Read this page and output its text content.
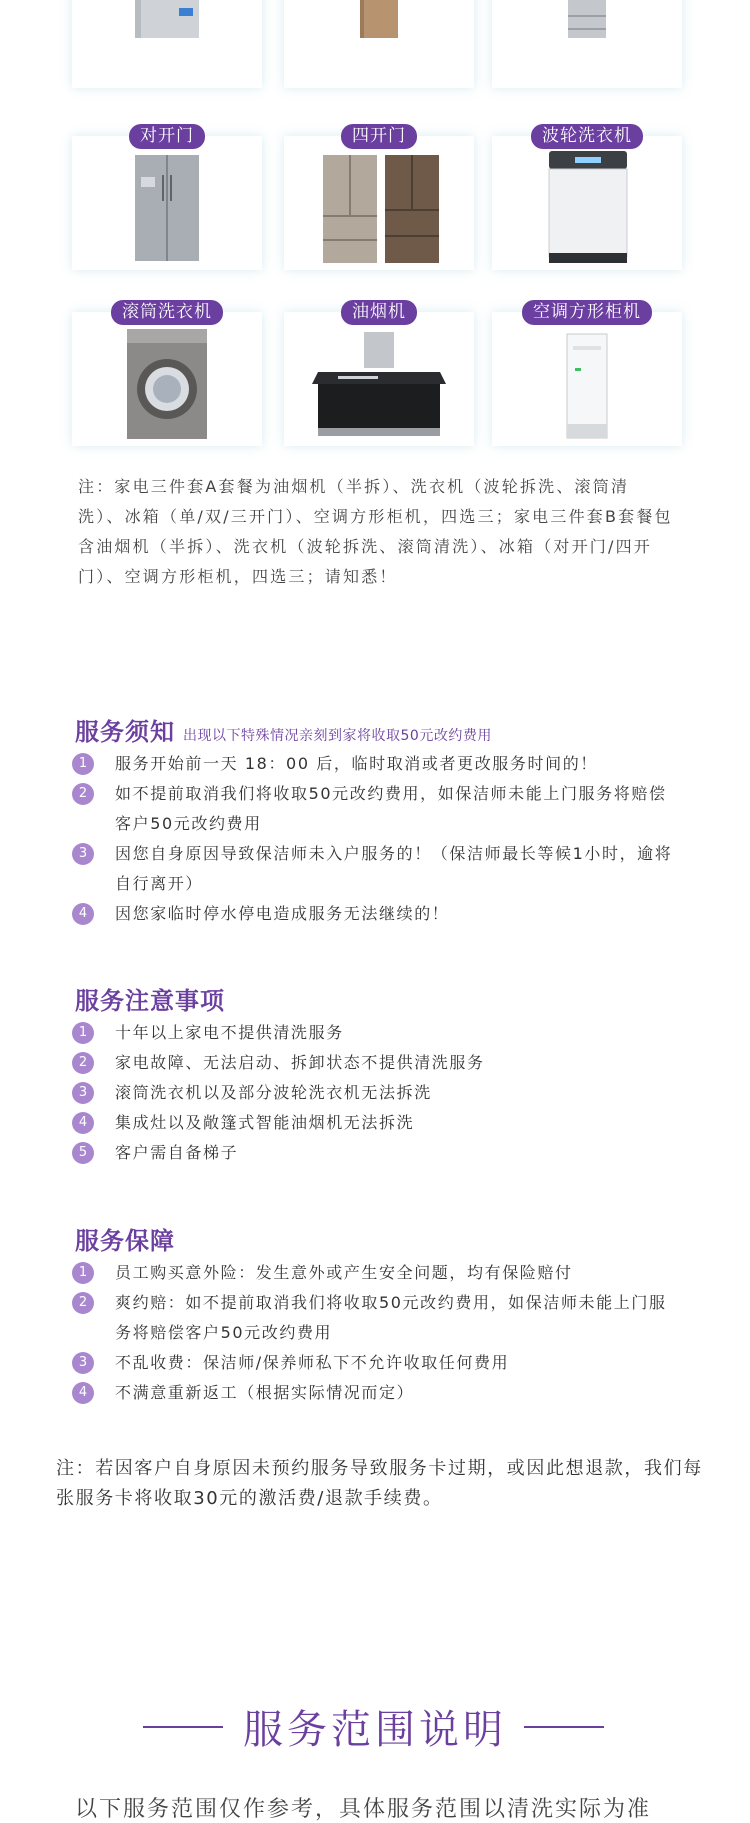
对开门	四开门	波轮洗衣机
滚筒洗衣机	油烟机	空调方形柜机

注：家电三件套A套餐为油烟机（半拆）、洗衣机（波轮拆洗、滚筒清洗）、冰箱（单/双/三开门）、空调方形柜机，四选三；家电三件套B套餐包含油烟机（半拆）、洗衣机（波轮拆洗、滚筒清洗）、冰箱（对开门/四开门）、空调方形柜机，四选三；请知悉！

服务须知 出现以下特殊情况亲刻到家将收取50元改约费用
1	服务开始前一天 18：00 后，临时取消或者更改服务时间的！
2	如不提前取消我们将收取50元改约费用，如保洁师未能上门服务将赔偿客户50元改约费用
3	因您自身原因导致保洁师未入户服务的！（保洁师最长等候1小时，逾将自行离开）
4	因您家临时停水停电造成服务无法继续的！
服务注意事项
1	十年以上家电不提供清洗服务
2	家电故障、无法启动、拆卸状态不提供清洗服务
3	滚筒洗衣机以及部分波轮洗衣机无法拆洗
4	集成灶以及敞篷式智能油烟机无法拆洗
5	客户需自备梯子
服务保障
1	员工购买意外险：发生意外或产生安全问题，均有保险赔付
2	爽约赔：如不提前取消我们将收取50元改约费用，如保洁师未能上门服务将赔偿客户50元改约费用
3	不乱收费：保洁师/保养师私下不允许收取任何费用
4	不满意重新返工（根据实际情况而定）

注：若因客户自身原因未预约服务导致服务卡过期，或因此想退款，我们每张服务卡将收取30元的激活费/退款手续费。

服务范围说明
以下服务范围仅作参考，具体服务范围以清洗实际为准
